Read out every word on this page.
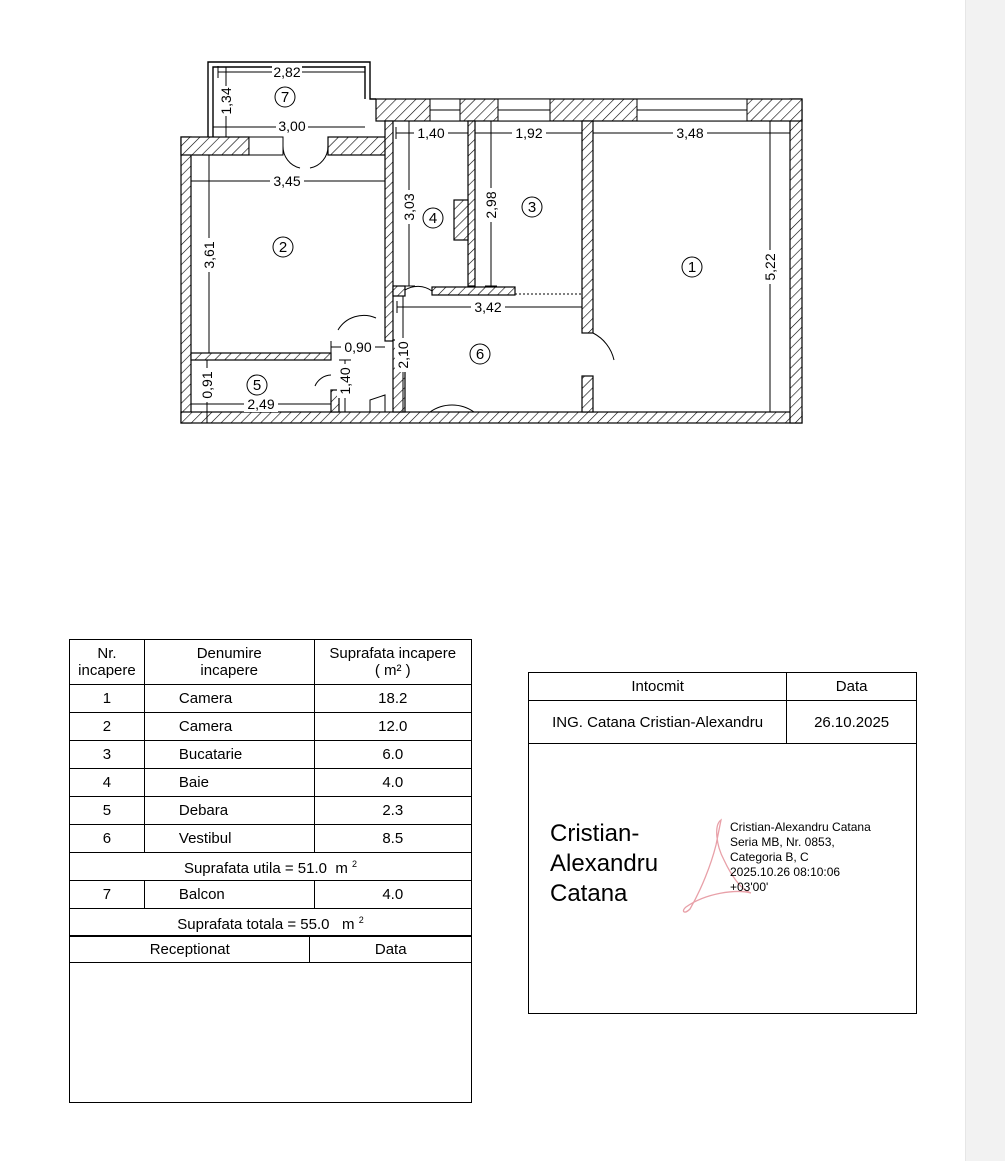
2,82
1,34
3,00	1,40	1,92	3,48
3,45
3,61
3,03	2,98
5,22
3,42
0,90 2,10
1,40
0,91
2,49
1
2
3
4
5
6
7
Nr.
incapere	Denumire
incapere	Suprafata incapere
( m² )
1	Camera	18.2
2	Camera	12.0
3	Bucatarie	6.0
4	Baie	4.0
5	Debara	2.3
6	Vestibul	8.5
Suprafata utila = 51.0 m $^2$
7	Balcon	4.0
Suprafata totala = 55.0 m $^2$
Receptionat	Data

Intocmit	Data
ING. Catana Cristian-Alexandru	26.10.2025

Cristian-
Alexandru
Catana
Cristian-Alexandru Catana
Seria MB, Nr. 0853,
Categoria B, C
2025.10.26 08:10:06
+03'00'
